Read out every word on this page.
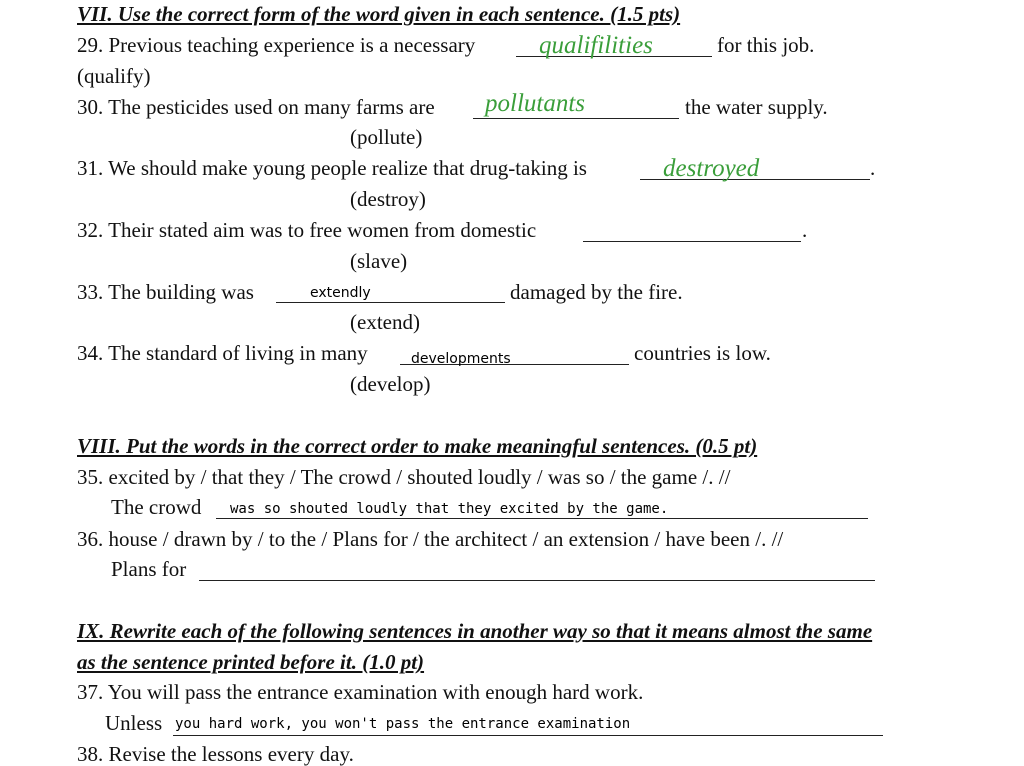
VII. Use the correct form of the word given in each sentence. (1.5 pts)
29. Previous teaching experience is a necessary	qualifilities	for this job.
(qualify)
30. The pesticides used on many farms are pollutants	the water supply.
(pollute)
31. We should make young people realize that drug-taking is	destroyed	.
(destroy)
32. Their stated aim was to free women from domestic	.
(slave)
33. The building was	extendly	damaged by the fire.
(extend)
34. The standard of living in many	developments	countries is low.
(develop)
VIII. Put the words in the correct order to make meaningful sentences. (0.5 pt)
35. excited by / that they / The crowd / shouted loudly / was so / the game /. //
The crowd was so shouted loudly that they excited by the game.
36. house / drawn by / to the / Plans for / the architect / an extension / have been /. //
Plans for
IX. Rewrite each of the following sentences in another way so that it means almost the same
as the sentence printed before it. (1.0 pt)
37. You will pass the entrance examination with enough hard work.
Unless you hard work, you won't pass the entrance examination
38. Revise the lessons every day.
